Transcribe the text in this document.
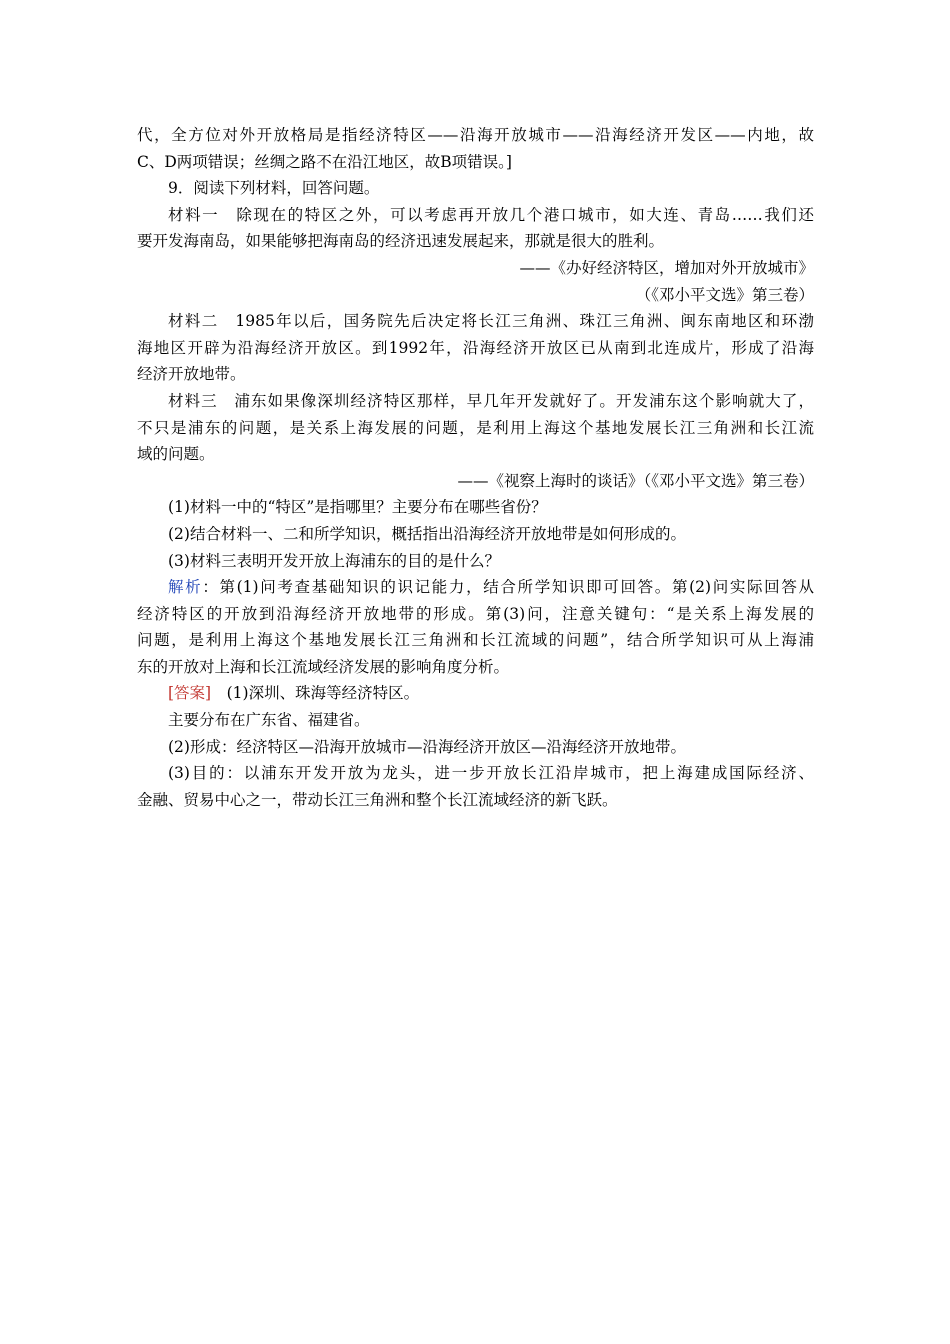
代，全方位对外开放格局是指经济特区——沿海开放城市——沿海经济开发区——内地，故
C、D两项错误；丝绸之路不在沿江地区，故B项错误。]
9．阅读下列材料，回答问题。
材料一　除现在的特区之外，可以考虑再开放几个港口城市，如大连、青岛……我们还
要开发海南岛，如果能够把海南岛的经济迅速发展起来，那就是很大的胜利。
——《办好经济特区，增加对外开放城市》
（《邓小平文选》第三卷）
材料二　1985年以后，国务院先后决定将长江三角洲、珠江三角洲、闽东南地区和环渤
海地区开辟为沿海经济开放区。到1992年，沿海经济开放区已从南到北连成片，形成了沿海
经济开放地带。
材料三　浦东如果像深圳经济特区那样，早几年开发就好了。开发浦东这个影响就大了，
不只是浦东的问题，是关系上海发展的问题，是利用上海这个基地发展长江三角洲和长江流
域的问题。
——《视察上海时的谈话》（《邓小平文选》第三卷）
(1)材料一中的“特区”是指哪里？主要分布在哪些省份？
(2)结合材料一、二和所学知识，概括指出沿海经济开放地带是如何形成的。
(3)材料三表明开发开放上海浦东的目的是什么？
解析：第(1)问考查基础知识的识记能力，结合所学知识即可回答。第(2)问实际回答从
经济特区的开放到沿海经济开放地带的形成。第(3)问，注意关键句：“是关系上海发展的
问题，是利用上海这个基地发展长江三角洲和长江流域的问题”，结合所学知识可从上海浦
东的开放对上海和长江流域经济发展的影响角度分析。
[答案]　(1)深圳、珠海等经济特区。
主要分布在广东省、福建省。
(2)形成：经济特区—沿海开放城市—沿海经济开放区—沿海经济开放地带。
(3)目的：以浦东开发开放为龙头，进一步开放长江沿岸城市，把上海建成国际经济、
金融、贸易中心之一，带动长江三角洲和整个长江流域经济的新飞跃。
